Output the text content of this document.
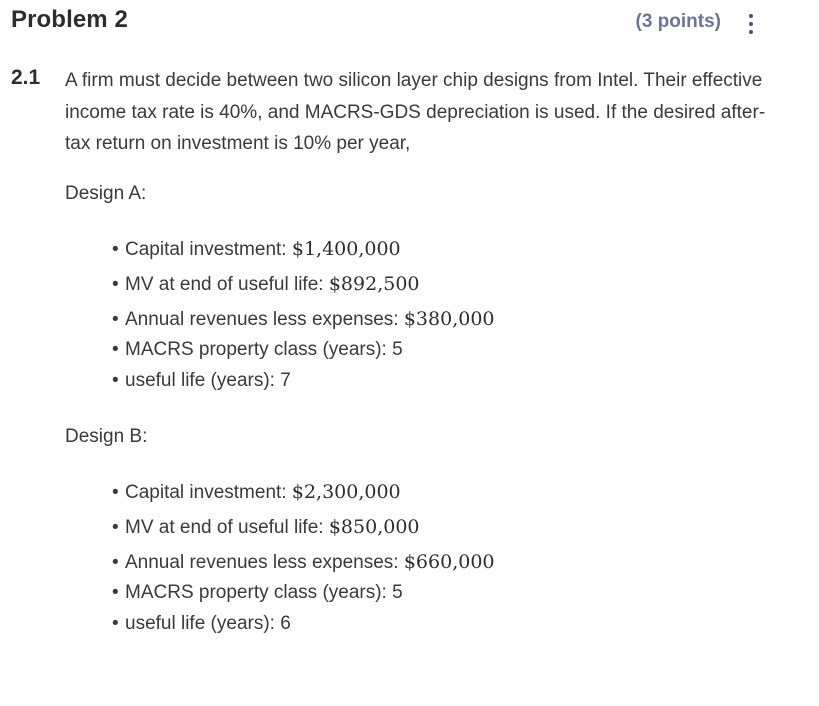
Problem 2	(3 points)
2.1 A firm must decide between two silicon layer chip designs from Intel. Their effective income tax rate is 40%, and MACRS-GDS depreciation is used. If the desired after-tax return on investment is 10% per year,
Design A:
• Capital investment: $1,400,000
• MV at end of useful life: $892,500
• Annual revenues less expenses: $380,000
• MACRS property class (years): 5
• useful life (years): 7
Design B:
• Capital investment: $2,300,000
• MV at end of useful life: $850,000
• Annual revenues less expenses: $660,000
• MACRS property class (years): 5
• useful life (years): 6
